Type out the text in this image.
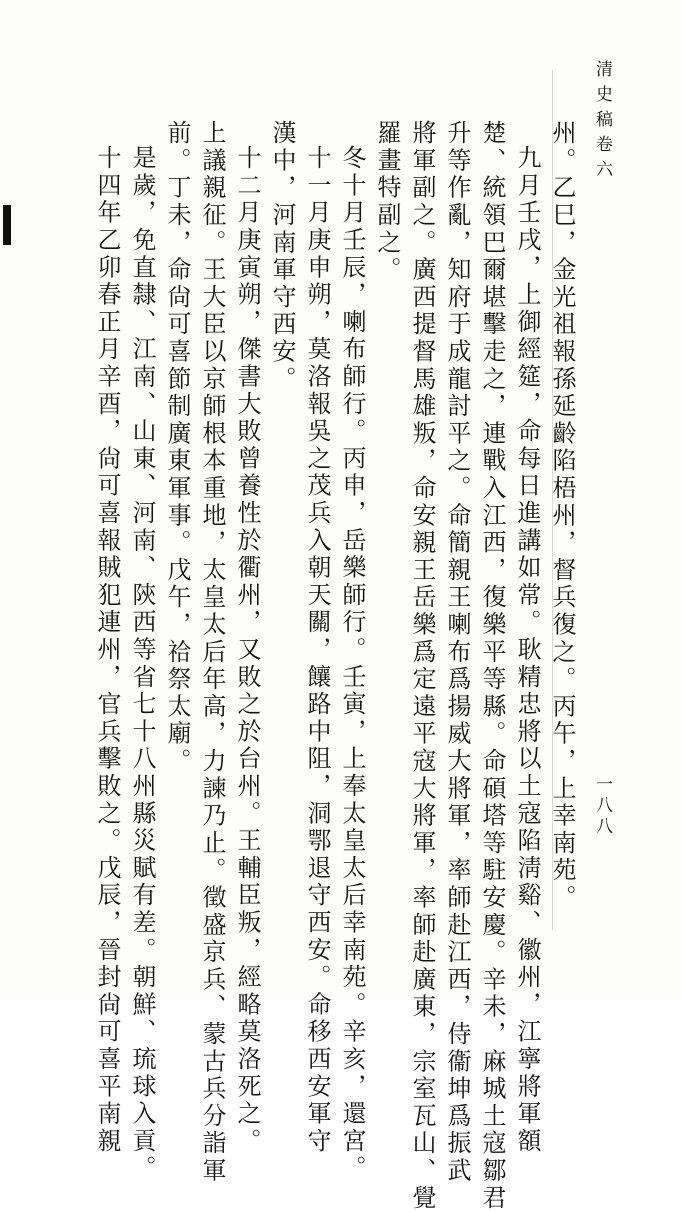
清史稿卷六
一八八
州。乙巳，金光祖報孫延齡陷梧州，督兵復之。丙午，上幸南苑。
九月壬戌，上御經筵，命每日進講如常。耿精忠將以土寇陷淸谿、徽州，江寧將軍額
楚、統領巴爾堪擊走之，連戰入江西，復樂平等縣。命碩塔等駐安慶。辛未，麻城土寇鄒君
升等作亂，知府于成龍討平之。命簡親王喇布爲揚威大將軍，率師赴江西，侍衞坤爲振武
將軍副之。廣西提督馬雄叛，命安親王岳樂爲定遠平寇大將軍，率師赴廣東，宗室瓦山、覺
羅畫特副之。
冬十月壬辰，喇布師行。丙申，岳樂師行。壬寅，上奉太皇太后幸南苑。辛亥，還宮。
十一月庚申朔，莫洛報吳之茂兵入朝天關，饟路中阻，洞鄂退守西安。命移西安軍守
漢中，河南軍守西安。
十二月庚寅朔，傑書大敗曾養性於衢州，又敗之於台州。王輔臣叛，經略莫洛死之。
上議親征。王大臣以京師根本重地，太皇太后年高，力諫乃止。徵盛京兵、蒙古兵分詣軍
前。丁未，命尙可喜節制廣東軍事。戊午，祫祭太廟。
是歲，免直隸、江南、山東、河南、陝西等省七十八州縣災賦有差。朝鮮、琉球入貢。
十四年乙卯春正月辛酉，尙可喜報賊犯連州，官兵擊敗之。戊辰，晉封尙可喜平南親
